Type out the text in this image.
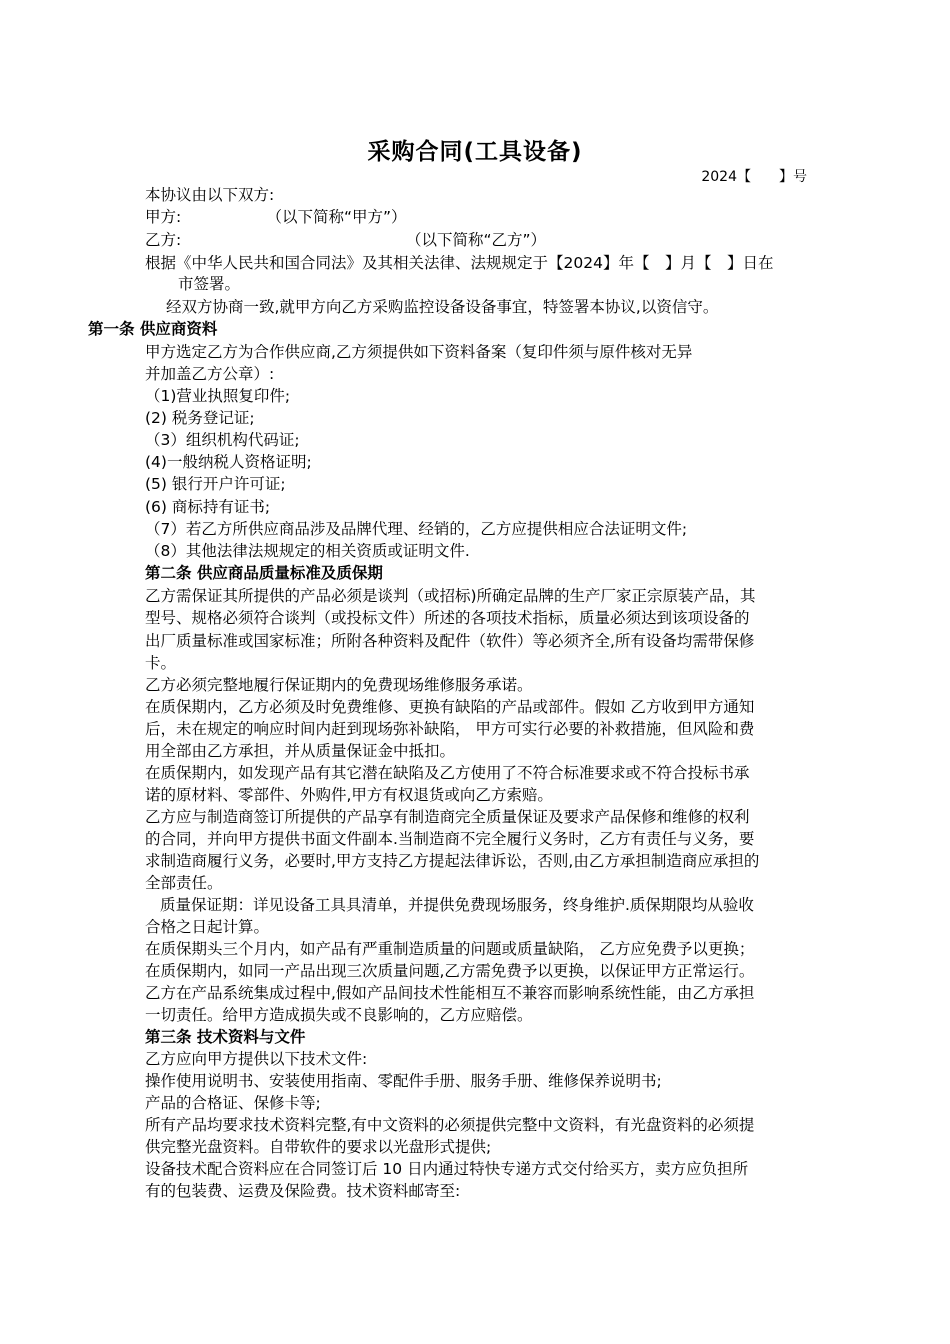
采购合同(工具设备)
2024【　　】号
本协议由以下双方:
甲方:　　　　　　（以下简称“甲方”）
乙方:　　　　　　　　　　　　　　　（以下简称“乙方”）
根据《中华人民共和国合同法》及其相关法律、法规规定于【2024】年【　】月【　】日在
市签署。
经双方协商一致,就甲方向乙方采购监控设备设备事宜，特签署本协议,以资信守。
第一条 供应商资料
甲方选定乙方为合作供应商,乙方须提供如下资料备案（复印件须与原件核对无异
并加盖乙方公章）:
（1)营业执照复印件;
(2) 税务登记证;
（3）组织机构代码证;
(4)一般纳税人资格证明;
(5) 银行开户许可证;
(6) 商标持有证书;
（7）若乙方所供应商品涉及品牌代理、经销的，乙方应提供相应合法证明文件;
（8）其他法律法规规定的相关资质或证明文件.
第二条 供应商品质量标准及质保期
乙方需保证其所提供的产品必须是谈判（或招标)所确定品牌的生产厂家正宗原装产品，其
型号、规格必须符合谈判（或投标文件）所述的各项技术指标，质量必须达到该项设备的
出厂质量标准或国家标准；所附各种资料及配件（软件）等必须齐全,所有设备均需带保修
卡。
乙方必须完整地履行保证期内的免费现场维修服务承诺。
在质保期内，乙方必须及时免费维修、更换有缺陷的产品或部件。假如 乙方收到甲方通知
后，未在规定的响应时间内赶到现场弥补缺陷， 甲方可实行必要的补救措施，但风险和费
用全部由乙方承担，并从质量保证金中抵扣。
在质保期内，如发现产品有其它潜在缺陷及乙方使用了不符合标准要求或不符合投标书承
诺的原材料、零部件、外购件,甲方有权退货或向乙方索赔。
乙方应与制造商签订所提供的产品享有制造商完全质量保证及要求产品保修和维修的权利
的合同，并向甲方提供书面文件副本.当制造商不完全履行义务时，乙方有责任与义务，要
求制造商履行义务，必要时,甲方支持乙方提起法律诉讼，否则,由乙方承担制造商应承担的
全部责任。
质量保证期：详见设备工具具清单，并提供免费现场服务，终身维护.质保期限均从验收
合格之日起计算。
在质保期头三个月内，如产品有严重制造质量的问题或质量缺陷， 乙方应免费予以更换；
在质保期内，如同一产品出现三次质量问题,乙方需免费予以更换，以保证甲方正常运行。
乙方在产品系统集成过程中,假如产品间技术性能相互不兼容而影响系统性能，由乙方承担
一切责任。给甲方造成损失或不良影响的，乙方应赔偿。
第三条 技术资料与文件
乙方应向甲方提供以下技术文件:
操作使用说明书、安装使用指南、零配件手册、服务手册、维修保养说明书;
产品的合格证、保修卡等;
所有产品均要求技术资料完整,有中文资料的必须提供完整中文资料，有光盘资料的必须提
供完整光盘资料。自带软件的要求以光盘形式提供;
设备技术配合资料应在合同签订后 10 日内通过特快专递方式交付给买方，卖方应负担所
有的包装费、运费及保险费。技术资料邮寄至:
